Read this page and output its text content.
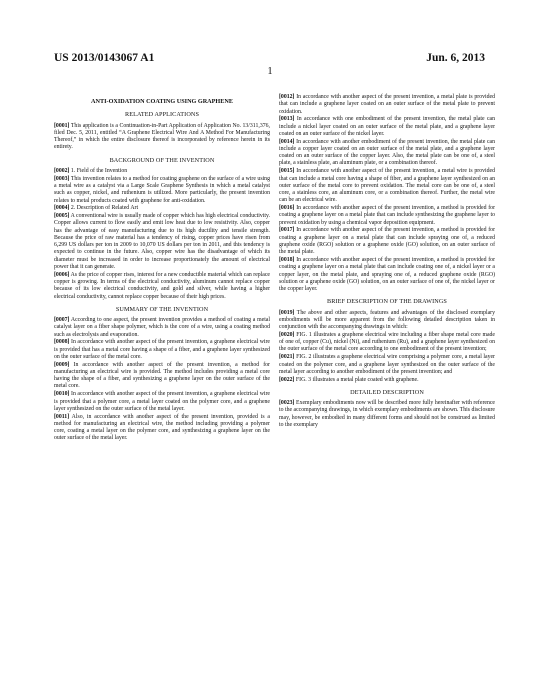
US 2013/0143067 A1	Jun. 6, 2013
1
ANTI-OXIDATION COATING USING GRAPHENE
RELATED APPLICATIONS

[0001] This application is a Continuation-in-Part Application of Application No. 13/311,376, filed Dec. 5, 2011, entitled “A Graphene Electrical Wire And A Method For Manufacturing Thereof,” in which the entire disclosure thereof is incorporated by reference herein in its entirety.

BACKGROUND OF THE INVENTION

[0002] 1. Field of the Invention

[0003] This invention relates to a method for coating graphene on the surface of a wire using a metal wire as a catalyst via a Large Scale Graphene Synthesis in which a metal catalyst such as copper, nickel, and ruthenium is utilized. More particularly, the present invention relates to metal products coated with graphene for anti-oxidation.

[0004] 2. Description of Related Art

[0005] A conventional wire is usually made of copper which has high electrical conductivity. Copper allows current to flow easily and emit low heat due to low resistivity. Also, copper has the advantage of easy manufacturing due to its high ductility and tensile strength. Because the price of raw material has a tendency of rising, copper prices have risen from 6,299 US dollars per ton in 2009 to 10,070 US dollars per ton in 2011, and this tendency is expected to continue in the future. Also, copper wire has the disadvantage of which its diameter must be increased in order to increase proportionately the amount of electrical power that it can generate.

[0006] As the price of copper rises, interest for a new conductible material which can replace copper is growing. In terms of the electrical conductivity, aluminum cannot replace copper because of its low electrical conductivity, and gold and silver, while having a higher electrical conductivity, cannot replace copper because of their high prices.

SUMMARY OF THE INVENTION

[0007] According to one aspect, the present invention provides a method of coating a metal catalyst layer on a fiber shape polymer, which is the core of a wire, using a coating method such as electrolysis and evaporation.

[0008] In accordance with another aspect of the present invention, a graphene electrical wire is provided that has a metal core having a shape of a fiber, and a graphene layer synthesized on the outer surface of the metal core.

[0009] In accordance with another aspect of the present invention, a method for manufacturing an electrical wire is provided. The method includes providing a metal core having the shape of a fiber, and synthesizing a graphene layer on the outer surface of the metal core.

[0010] In accordance with another aspect of the present invention, a graphene electrical wire is provided that a polymer core, a metal layer coated on the polymer core, and a graphene layer synthesized on the outer surface of the metal layer.

[0011] Also, in accordance with another aspect of the present invention, provided is a method for manufacturing an electrical wire, the method including providing a polymer core, coating a metal layer on the polymer core, and synthesizing a graphene layer on the outer surface of the metal layer.

[0012] In accordance with another aspect of the present invention, a metal plate is provided that can include a graphene layer coated on an outer surface of the metal plate to prevent oxidation.

[0013] In accordance with one embodiment of the present invention, the metal plate can include a nickel layer coated on an outer surface of the metal plate, and a graphene layer coated on an outer surface of the nickel layer.

[0014] In accordance with another embodiment of the present invention, the metal plate can include a copper layer coated on an outer surface of the metal plate, and a graphene layer coated on an outer surface of the copper layer. Also, the metal plate can be one of, a steel plate, a stainless plate, an aluminum plate, or a combination thereof.

[0015] In accordance with another aspect of the present invention, a metal wire is provided that can include a metal core having a shape of fiber, and a graphene layer synthesized on an outer surface of the metal core to prevent oxidation. The metal core can be one of, a steel core, a stainless core, an aluminum core, or a combination thereof. Further, the metal wire can be an electrical wire.

[0016] In accordance with another aspect of the present invention, a method is provided for coating a graphene layer on a metal plate that can include synthesizing the graphene layer to prevent oxidation by using a chemical vapor deposition equipment.

[0017] In accordance with another aspect of the present invention, a method is provided for coating a graphene layer on a metal plate that can include spraying one of, a reduced graphene oxide (RGO) solution or a graphene oxide (GO) solution, on an outer surface of the metal plate.

[0018] In accordance with another aspect of the present invention, a method is provided for coating a graphene layer on a metal plate that can include coating one of, a nickel layer or a copper layer, on the metal plate, and spraying one of, a reduced graphene oxide (RGO) solution or a graphene oxide (GO) solution, on an outer surface of one of, the nickel layer or the copper layer.

BRIEF DESCRIPTION OF THE DRAWINGS

[0019] The above and other aspects, features and advantages of the disclosed exemplary embodiments will be more apparent from the following detailed description taken in conjunction with the accompanying drawings in which:

[0020] FIG. 1 illustrates a graphene electrical wire including a fiber shape metal core made of one of, copper (Cu), nickel (Ni), and ruthenium (Ru), and a graphene layer synthesized on the outer surface of the metal core according to one embodiment of the present invention;

[0021] FIG. 2 illustrates a graphene electrical wire comprising a polymer core, a metal layer coated on the polymer core, and a graphene layer synthesized on the outer surface of the metal layer according to another embodiment of the present invention; and

[0022] FIG. 3 illustrates a metal plate coated with graphene.

DETAILED DESCRIPTION

[0023] Exemplary embodiments now will be described more fully hereinafter with reference to the accompanying drawings, in which exemplary embodiments are shown. This disclosure may, however, be embodied in many different forms and should not be construed as limited to the exemplary
